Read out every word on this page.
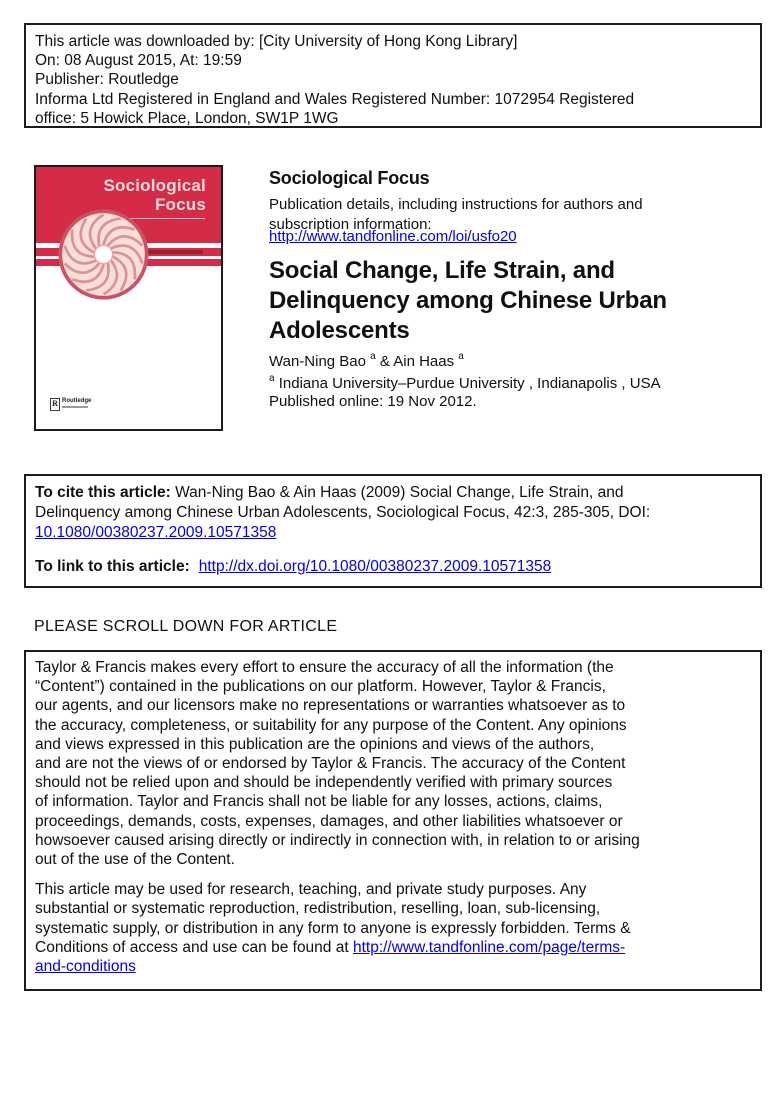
This article was downloaded by: [City University of Hong Kong Library]
On: 08 August 2015, At: 19:59
Publisher: Routledge
Informa Ltd Registered in England and Wales Registered Number: 1072954 Registered
office: 5 Howick Place, London, SW1P 1WG
Sociological
Focus
R Routledge
Sociological Focus
Publication details, including instructions for authors and
subscription information:
http://www.tandfonline.com/loi/usfo20
Social Change, Life Strain, and
Delinquency among Chinese Urban
Adolescents
Wan-Ning Bao $^a$ & Ain Haas $^a$
$^a$ Indiana University–Purdue University , Indianapolis , USA
Published online: 19 Nov 2012.
To cite this article: Wan-Ning Bao & Ain Haas (2009) Social Change, Life Strain, and
Delinquency among Chinese Urban Adolescents, Sociological Focus, 42:3, 285-305, DOI:
10.1080/00380237.2009.10571358
To link to this article: http://dx.doi.org/10.1080/00380237.2009.10571358
PLEASE SCROLL DOWN FOR ARTICLE
Taylor & Francis makes every effort to ensure the accuracy of all the information (the
“Content”) contained in the publications on our platform. However, Taylor & Francis,
our agents, and our licensors make no representations or warranties whatsoever as to
the accuracy, completeness, or suitability for any purpose of the Content. Any opinions
and views expressed in this publication are the opinions and views of the authors,
and are not the views of or endorsed by Taylor & Francis. The accuracy of the Content
should not be relied upon and should be independently verified with primary sources
of information. Taylor and Francis shall not be liable for any losses, actions, claims,
proceedings, demands, costs, expenses, damages, and other liabilities whatsoever or
howsoever caused arising directly or indirectly in connection with, in relation to or arising
out of the use of the Content.
This article may be used for research, teaching, and private study purposes. Any
substantial or systematic reproduction, redistribution, reselling, loan, sub-licensing,
systematic supply, or distribution in any form to anyone is expressly forbidden. Terms &
Conditions of access and use can be found at http://www.tandfonline.com/page/terms-
and-conditions
